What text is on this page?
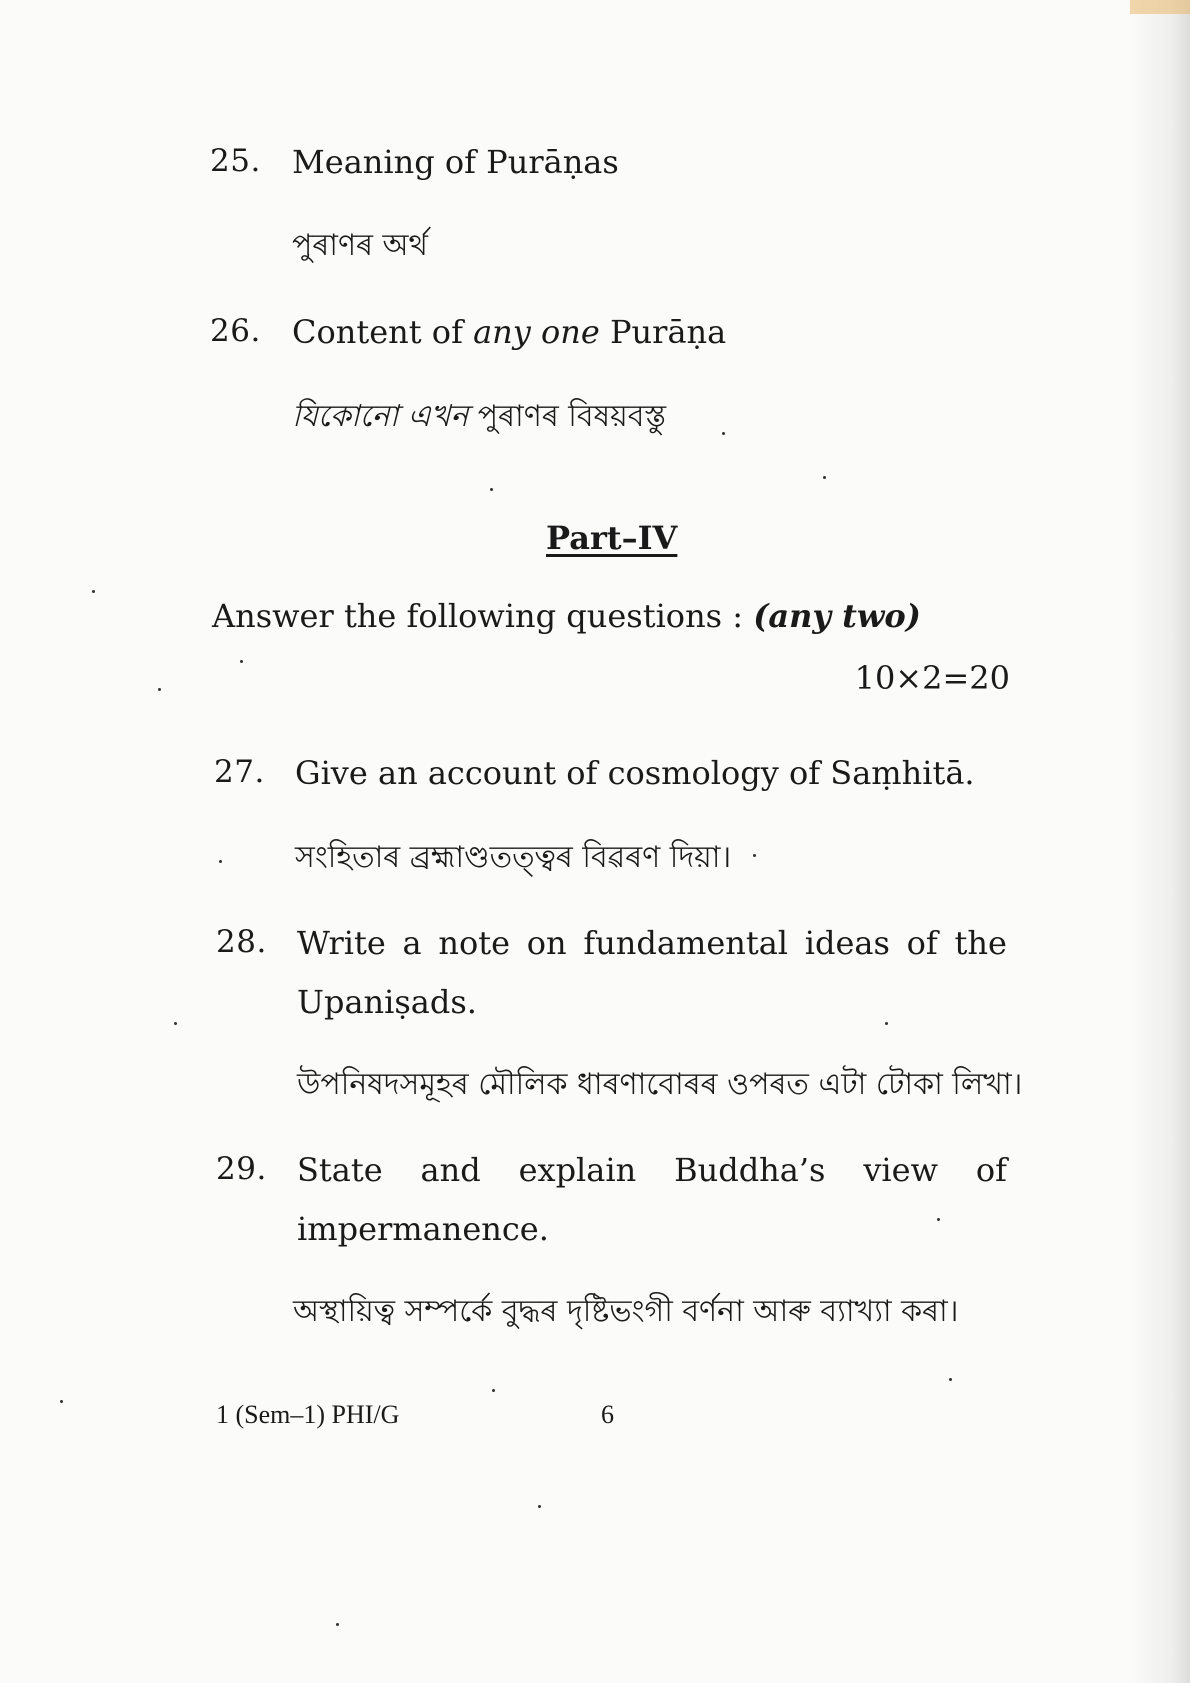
25. Meaning of Purāṇas
পুৰাণৰ অৰ্থ
26. Content of any one Purāṇa
যিকোনো এখন পুৰাণৰ বিষয়বস্তু
Part–IV
Answer the following questions : (any two)
10×2=20
27. Give an account of cosmology of Saṃhitā.
সংহিতাৰ ব্ৰহ্মাণ্ডতত্ত্বৰ বিৱৰণ দিয়া।
28. Write a note on fundamental ideas of the
Upaniṣads.
উপনিষদসমূহৰ মৌলিক ধাৰণাবোৰৰ ওপৰত এটা টোকা লিখা।
29. State and explain Buddha’s view of
impermanence.
অস্থায়িত্ব সম্পৰ্কে বুদ্ধৰ দৃষ্টিভংগী বৰ্ণনা আৰু ব্যাখ্যা কৰা।
1 (Sem–1) PHI/G	6
